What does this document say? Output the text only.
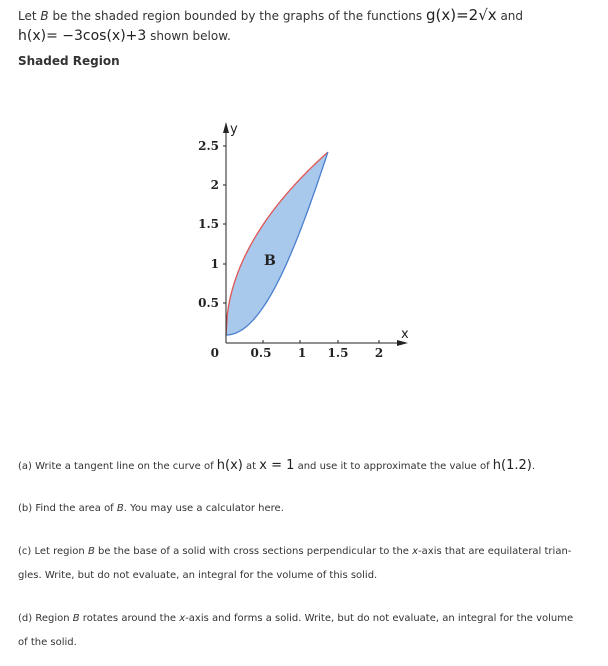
Let B be the shaded region bounded by the graphs of the functions g(x)=2√x and
h(x)= −3cos(x)+3 shown below.
Shaded Region
y
x
2.5
2
1.5
1
0.5
0	0.5 1 1.5 2
B
(a) Write a tangent line on the curve of h(x) at x = 1 and use it to approximate the value of h(1.2).
(b) Find the area of B. You may use a calculator here.
(c) Let region B be the base of a solid with cross sections perpendicular to the x-axis that are equilateral trian-
gles. Write, but do not evaluate, an integral for the volume of this solid.
(d) Region B rotates around the x-axis and forms a solid. Write, but do not evaluate, an integral for the volume
of the solid.
